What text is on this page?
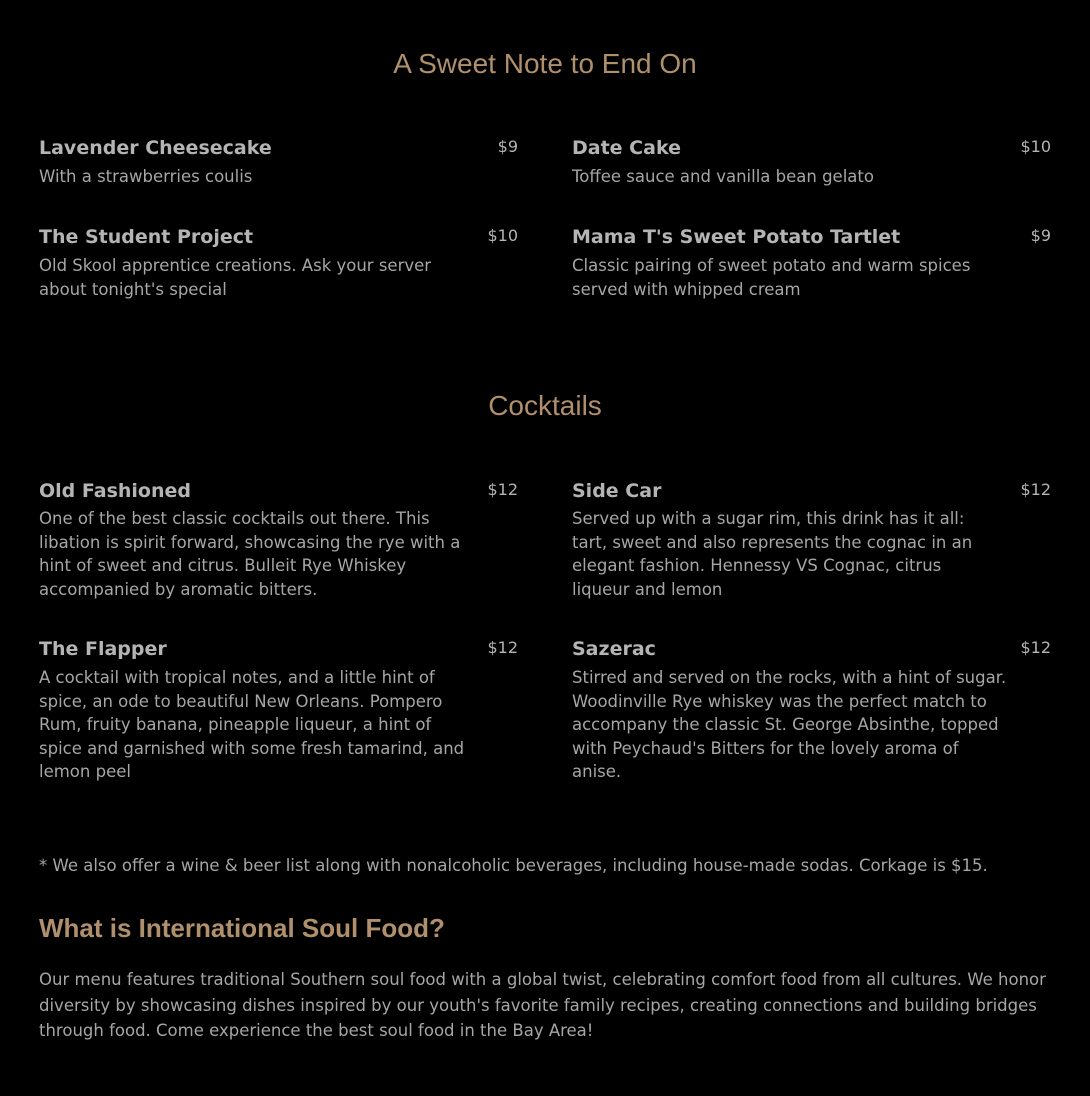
A Sweet Note to End On
Lavender Cheesecake	$9

With a strawberries coulis

Date Cake	$10

Toffee sauce and vanilla bean gelato

The Student Project	$10

Old Skool apprentice creations. Ask your server about tonight's special

Mama T's Sweet Potato Tartlet	$9

Classic pairing of sweet potato and warm spices served with whipped cream

Cocktails
Old Fashioned	$12

One of the best classic cocktails out there. This libation is spirit forward, showcasing the rye with a hint of sweet and citrus. Bulleit Rye Whiskey accompanied by aromatic bitters.

Side Car	$12

Served up with a sugar rim, this drink has it all: tart, sweet and also represents the cognac in an elegant fashion. Hennessy VS Cognac, citrus liqueur and lemon

The Flapper	$12

A cocktail with tropical notes, and a little hint of spice, an ode to beautiful New Orleans. Pompero Rum, fruity banana, pineapple liqueur, a hint of spice and garnished with some fresh tamarind, and lemon peel

Sazerac	$12

Stirred and served on the rocks, with a hint of sugar. Woodinville Rye whiskey was the perfect match to accompany the classic St. George Absinthe, topped with Peychaud's Bitters for the lovely aroma of anise.

* We also offer a wine & beer list along with nonalcoholic beverages, including house-made sodas. Corkage is $15.

What is International Soul Food?

Our menu features traditional Southern soul food with a global twist, celebrating comfort food from all cultures. We honor diversity by showcasing dishes inspired by our youth's favorite family recipes, creating connections and building bridges through food. Come experience the best soul food in the Bay Area!
